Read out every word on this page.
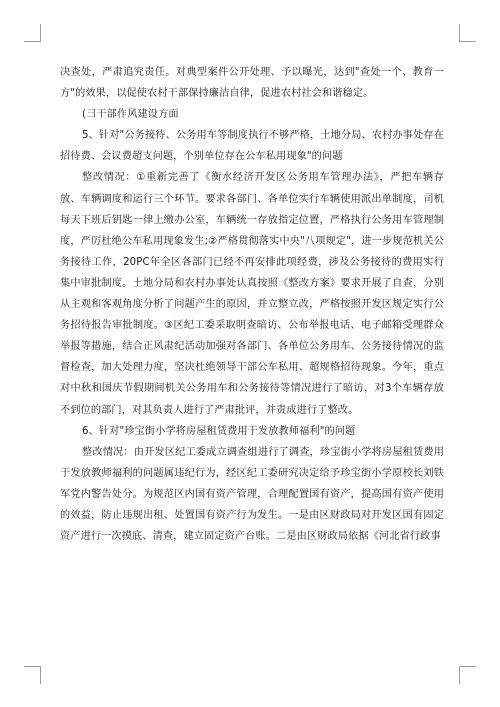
决查处，严肃追究责任。对典型案件公开处理、予以曝光，达到"查处一个、教育一方"的效果，以促使农村干部保持廉洁自律，促进农村社会和谐稳定。

(彐干部作风建设方面

5、针对"公务接待、公务用车等制度执行不够严格，土地分局、农村办事处存在招待费、会议费超支问题，个别单位存在公车私用现象"的问题

整改情况：①重新完善了《衡水经济开发区公务用车管理办法》，严把车辆存放、车辆调度和运行三个环节。要求各部门、各单位实行车辆使用派出单制度，司机每天下班后钥匙一律上缴办公室，车辆统一存放指定位置，严格执行公务用车管理制度，严厉杜绝公车私用现象发生;②严格贯彻落实中央"八项规定"，进一步规范机关公务接待工作，20PC年全区各部门已经不再安排此项经费，涉及公务接待的费用实行集中审批制度。土地分局和农村办事处认真按照《整改方案》要求开展了自查，分别从主观和客观角度分析了问题产生的原因，并立整立改，严格按照开发区规定实行公务招待报告审批制度。③区纪工委采取明查暗访、公布举报电话、电子邮箱受理群众举报等措施，结合正风肃纪活动加强对各部门、各单位公务用车、公务接待情况的监督检查，加大处理力度，坚决杜绝领导干部公车私用、超规格招待现象。今年，重点对中秋和国庆节假期间机关公务用车和公务接待等情况进行了暗访，对3个车辆存放不到位的部门，对其负责人进行了严肃批评，并责成进行了整改。

6、针对"珍宝街小学将房屋租赁费用于发放教师福利"的问题

整改情况：由开发区纪工委成立调查组进行了调查，珍宝街小学将房屋租赁费用于发放教师福利的问题属违纪行为，经区纪工委研究决定给予珍宝街小学原校长刘铁军党内警告处分。为规范区内国有资产管理，合理配置国有资产，提高国有资产使用的效益，防止违规出租、处置国有资产行为发生。一是由区财政局对开发区国有固定资产进行一次摸底、清查，建立固定资产台账。二是由区财政局依据《河北省行政事
